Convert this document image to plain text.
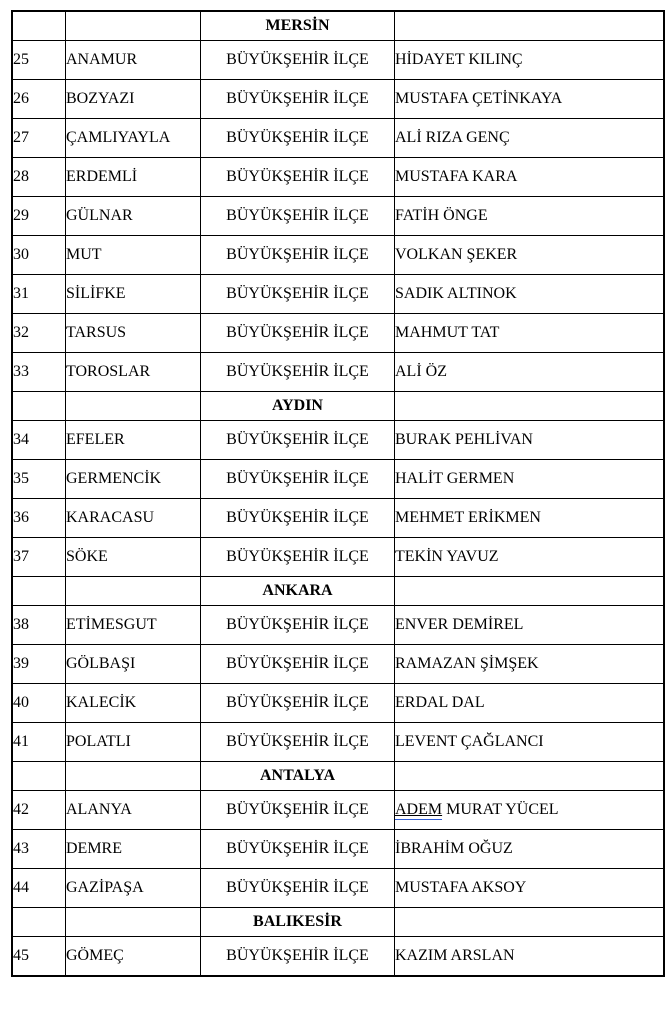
		MERSİN	
25	ANAMUR	BÜYÜKŞEHİR İLÇE	HİDAYET KILINÇ
26	BOZYAZI	BÜYÜKŞEHİR İLÇE	MUSTAFA ÇETİNKAYA
27	ÇAMLIYAYLA	BÜYÜKŞEHİR İLÇE	ALİ RIZA GENÇ
28	ERDEMLİ	BÜYÜKŞEHİR İLÇE	MUSTAFA KARA
29	GÜLNAR	BÜYÜKŞEHİR İLÇE	FATİH ÖNGE
30	MUT	BÜYÜKŞEHİR İLÇE	VOLKAN ŞEKER
31	SİLİFKE	BÜYÜKŞEHİR İLÇE	SADIK ALTINOK
32	TARSUS	BÜYÜKŞEHİR İLÇE	MAHMUT TAT
33	TOROSLAR	BÜYÜKŞEHİR İLÇE	ALİ ÖZ
		AYDIN	
34	EFELER	BÜYÜKŞEHİR İLÇE	BURAK PEHLİVAN
35	GERMENCİK	BÜYÜKŞEHİR İLÇE	HALİT GERMEN
36	KARACASU	BÜYÜKŞEHİR İLÇE	MEHMET ERİKMEN
37	SÖKE	BÜYÜKŞEHİR İLÇE	TEKİN YAVUZ
		ANKARA	
38	ETİMESGUT	BÜYÜKŞEHİR İLÇE	ENVER DEMİREL
39	GÖLBAŞI	BÜYÜKŞEHİR İLÇE	RAMAZAN ŞİMŞEK
40	KALECİK	BÜYÜKŞEHİR İLÇE	ERDAL DAL
41	POLATLI	BÜYÜKŞEHİR İLÇE	LEVENT ÇAĞLANCI
		ANTALYA	
42	ALANYA	BÜYÜKŞEHİR İLÇE	ADEM MURAT YÜCEL
43	DEMRE	BÜYÜKŞEHİR İLÇE	İBRAHİM OĞUZ
44	GAZİPAŞA	BÜYÜKŞEHİR İLÇE	MUSTAFA AKSOY
		BALIKESİR	
45	GÖMEÇ	BÜYÜKŞEHİR İLÇE	KAZIM ARSLAN
